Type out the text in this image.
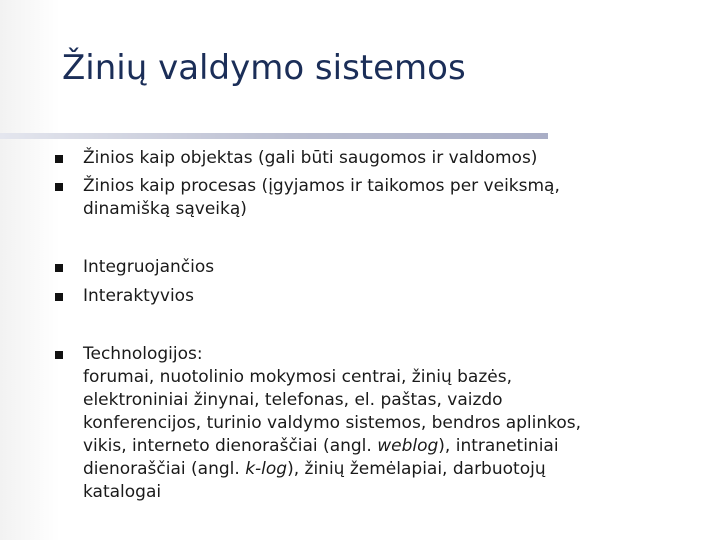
Žinių valdymo sistemos
Žinios kaip objektas (gali būti saugomos ir valdomos)
Žinios kaip procesas (įgyjamos ir taikomos per veiksmą,
dinamišką sąveiką)
Integruojančios
Interaktyvios
Technologijos:
forumai, nuotolinio mokymosi centrai, žinių bazės,
elektroniniai žinynai, telefonas, el. paštas, vaizdo
konferencijos, turinio valdymo sistemos, bendros aplinkos,
vikis, interneto dienoraščiai (angl. weblog), intranetiniai
dienoraščiai (angl. k-log), žinių žemėlapiai, darbuotojų
katalogai
